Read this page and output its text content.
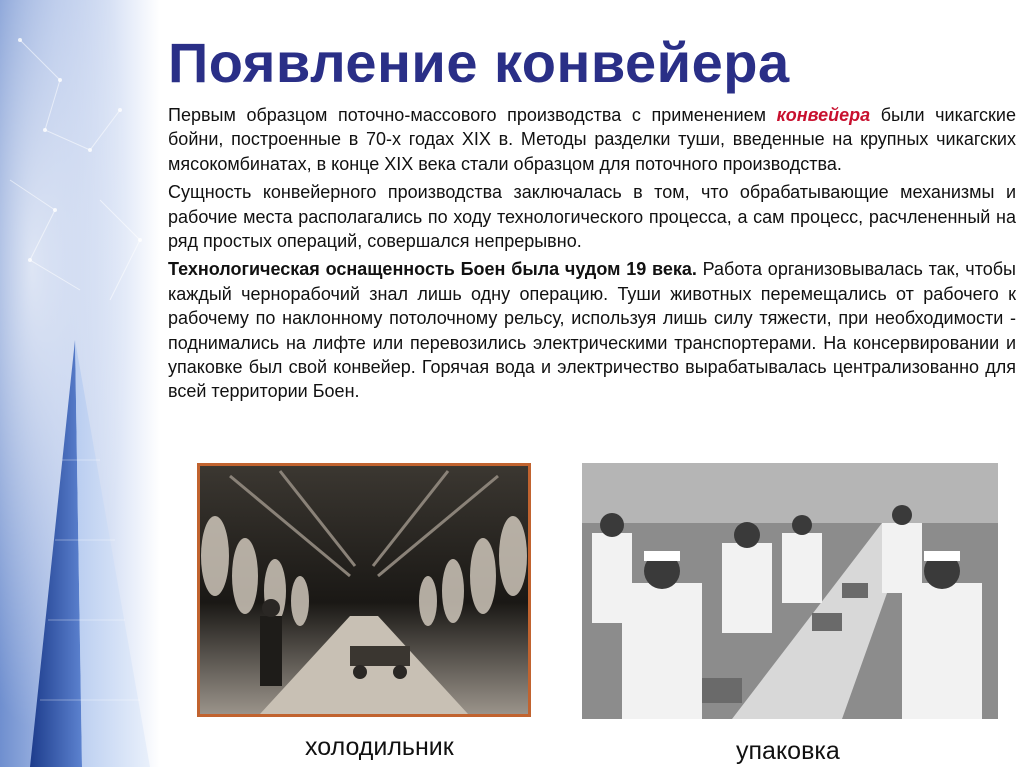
Появление конвейера

Первым образцом поточно-массового производства с применением конвейера были чикагские бойни, построенные в 70-х годах XIX в. Методы разделки туши, введенные на крупных чикагских мясокомбинатах, в конце XIX века стали образцом для поточного производства.

Сущность конвейерного производства заключалась в том, что обрабатывающие механизмы и рабочие места располагались по ходу технологического процесса, а сам процесс, расчлененный на ряд простых операций, совершался непрерывно.

Технологическая оснащенность Боен была чудом 19 века. Работа организовывалась так, чтобы каждый чернорабочий знал лишь одну операцию. Туши животных перемещались от рабочего к рабочему по наклонному потолочному рельсу, используя лишь силу тяжести, при необходимости - поднимались на лифте или перевозились электрическими транспортерами. На консервировании и упаковке был свой конвейер. Горячая вода и электричество вырабатывалась централизованно для всей территории Боен.

холодильник	упаковка
